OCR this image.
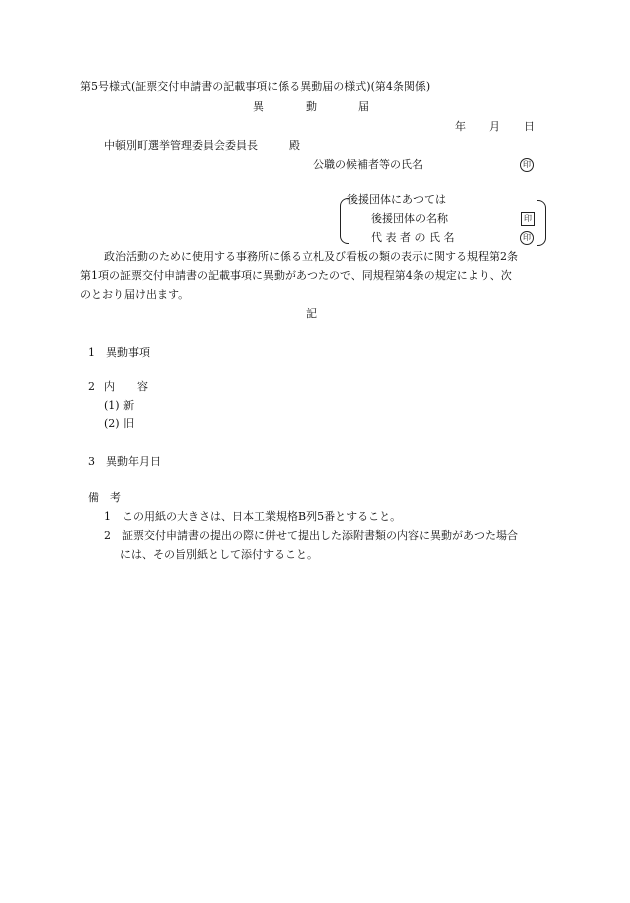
第5号様式(証票交付申請書の記載事項に係る異動届の様式)(第4条関係)
異	動	届
年 月 日
中頓別町選挙管理委員会委員長	殿
公職の候補者等の氏名	印
後援団体にあつては
後援団体の名称	印
代 表 者 の 氏 名	印
政治活動のために使用する事務所に係る立札及び看板の類の表示に関する規程第2条
第1項の証票交付申請書の記載事項に異動があつたので、同規程第4条の規定により、次
のとおり届け出ます。
記
1　異動事項
2 内　　容
(1) 新
(2) 旧
3　異動年月日
備　考
1　この用紙の大きさは、日本工業規格B列5番とすること。
2　証票交付申請書の提出の際に併せて提出した添附書類の内容に異動があつた場合
には、その旨別紙として添付すること。
